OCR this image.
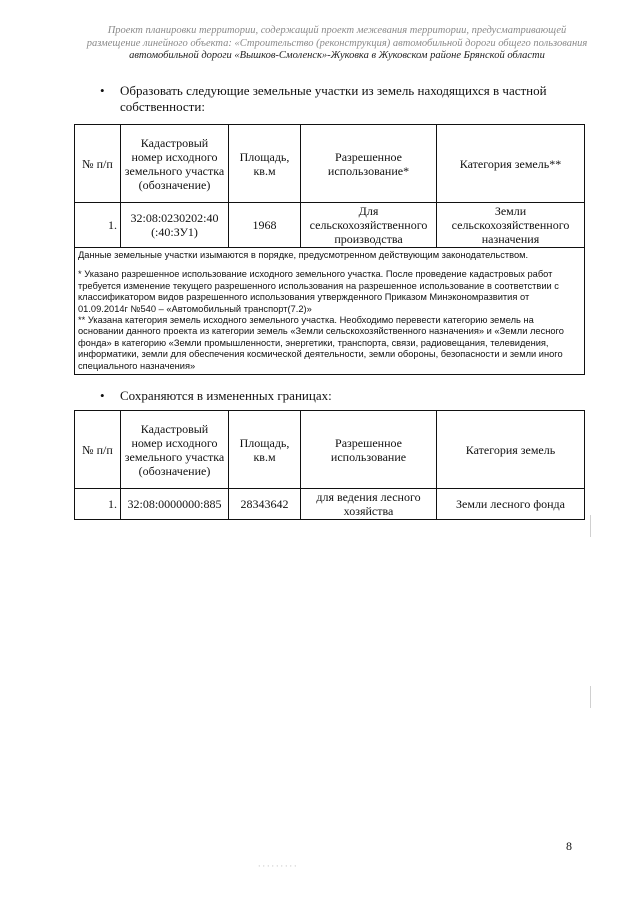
Проект планировки территории, содержащий проект межевания территории, предусматривающей
размещение линейного объекта: «Строительство (реконструкция) автомобильной дороги общего пользования
автомобильной дороги «Вышков-Смоленск»-Жуковка в Жуковском районе Брянской области
• Образовать следующие земельные участки из земель находящихся в частной собственности:
№ п/п	Кадастровый номер исходного земельного участка (обозначение)	Площадь, кв.м	Разрешенное использование*	Категория земель**
1.	32:08:0230202:40 (:40:ЗУ1)	1968	Для сельскохозяйственного производства	Земли сельскохозяйственного назначения

Данные земельные участки изымаются в порядке, предусмотренном действующим законодательством.
* Указано разрешенное использование исходного земельного участка. После проведение кадастровых работ требуется изменение текущего разрешенного использования на разрешенное использование в соответствии с классификатором видов разрешенного использования утвержденного Приказом Минэкономразвития от 01.09.2014г №540 – «Автомобильный транспорт(7.2)»
** Указана категория земель исходного земельного участка. Необходимо перевести категорию земель на основании данного проекта из категории земель «Земли сельскохозяйственного назначения» и «Земли лесного фонда» в категорию «Земли промышленности, энергетики, транспорта, связи, радиовещания, телевидения, информатики, земли для обеспечения космической деятельности, земли обороны, безопасности и земли иного специального назначения»				
• Сохраняются в измененных границах:
№ п/п	Кадастровый номер исходного земельного участка (обозначение)	Площадь, кв.м	Разрешенное использование	Категория земель
1.	32:08:0000000:885	28343642	для ведения лесного хозяйства	Земли лесного фонда
8
· · · · · · · · ·
